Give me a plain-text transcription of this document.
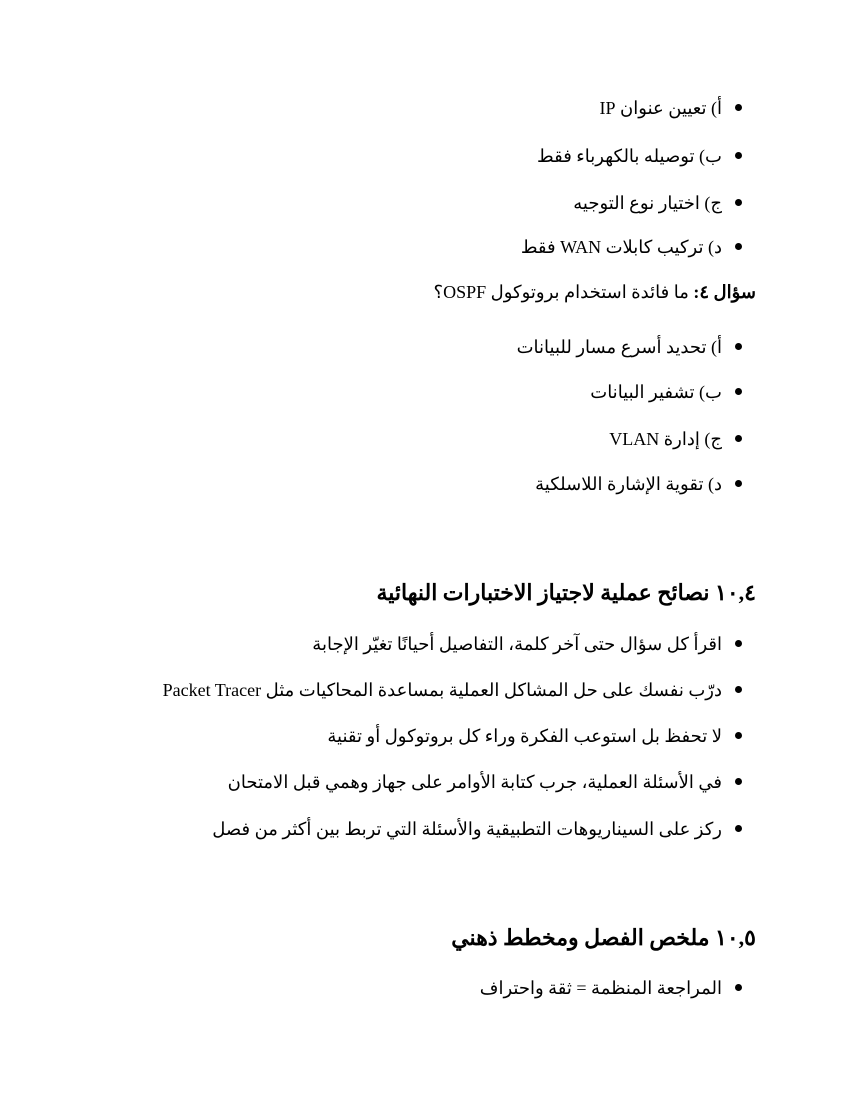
أ) تعيين عنوان IP
ب) توصيله بالكهرباء فقط
ج) اختيار نوع التوجيه
د) تركيب كابلات WAN فقط
سؤال ٤: ما فائدة استخدام بروتوكول OSPF؟
أ) تحديد أسرع مسار للبيانات
ب) تشفير البيانات
ج) إدارة VLAN
د) تقوية الإشارة اللاسلكية
١٠,٤ نصائح عملية لاجتياز الاختبارات النهائية
اقرأ كل سؤال حتى آخر كلمة، التفاصيل أحيانًا تغيّر الإجابة
درّب نفسك على حل المشاكل العملية بمساعدة المحاكيات مثل Packet Tracer
لا تحفظ بل استوعب الفكرة وراء كل بروتوكول أو تقنية
في الأسئلة العملية، جرب كتابة الأوامر على جهاز وهمي قبل الامتحان
ركز على السيناريوهات التطبيقية والأسئلة التي تربط بين أكثر من فصل
١٠,٥ ملخص الفصل ومخطط ذهني
المراجعة المنظمة = ثقة واحتراف
